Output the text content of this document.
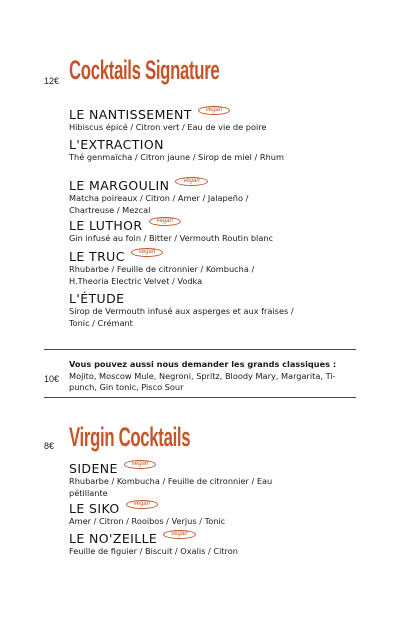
12€ Cocktails Signature
LE NANTISSEMENT	vegan
Hibiscus épicé / Citron vert / Eau de vie de poire
L'EXTRACTION
Thé genmaïcha / Citron jaune / Sirop de miel / Rhum
LE MARGOULIN	vegan
Matcha poireaux / Citron / Amer / Jalapeño / Chartreuse / Mezcal
LE LUTHOR	vegan
Gin infusé au foin / Bitter / Vermouth Routin blanc
LE TRUC	vegan
Rhubarbe / Feuille de citronnier / Kombucha / H.Theoria Electric Velvet / Vodka
L'ÉTUDE
Sirop de Vermouth infusé aux asperges et aux fraises / Tonic / Crémant
10€
Vous pouvez aussi nous demander les grands classiques : Mojito, Moscow Mule, Negroni, Spritz, Bloody Mary, Margarita, Ti-punch, Gin tonic, Pisco Sour
8€ Virgin Cocktails
SIDENE	vegan
Rhubarbe / Kombucha / Feuille de citronnier / Eau pétillante
LE SIKO	vegan
Amer / Citron / Rooibos / Verjus / Tonic
LE NO'ZEILLE	vegan
Feuille de figuier / Biscuit / Oxalis / Citron
